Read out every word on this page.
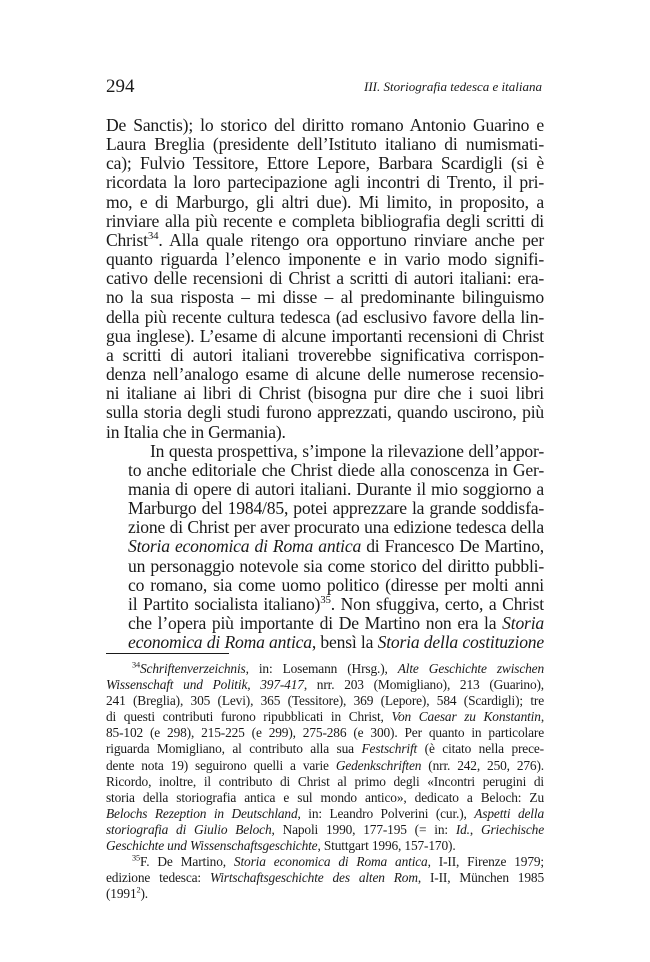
294	III. Storiografia tedesca e italiana

De Sanctis); lo storico del diritto romano Antonio Guarino e
Laura Breglia (presidente dell’Istituto italiano di numismati-
ca); Fulvio Tessitore, Ettore Lepore, Barbara Scardigli (si è
ricordata la loro partecipazione agli incontri di Trento, il pri-
mo, e di Marburgo, gli altri due). Mi limito, in proposito, a
rinviare alla più recente e completa bibliografia degli scritti di
Christ$^{34}$. Alla quale ritengo ora opportuno rinviare anche per
quanto riguarda l’elenco imponente e in vario modo signifi-
cativo delle recensioni di Christ a scritti di autori italiani: era-
no la sua risposta – mi disse – al predominante bilinguismo
della più recente cultura tedesca (ad esclusivo favore della lin-
gua inglese). L’esame di alcune importanti recensioni di Christ
a scritti di autori italiani troverebbe significativa corrispon-
denza nell’analogo esame di alcune delle numerose recensio-
ni italiane ai libri di Christ (bisogna pur dire che i suoi libri
sulla storia degli studi furono apprezzati, quando uscirono, più
in Italia che in Germania).

In questa prospettiva, s’impone la rilevazione dell’appor-
to anche editoriale che Christ diede alla conoscenza in Ger-
mania di opere di autori italiani. Durante il mio soggiorno a
Marburgo del 1984/85, potei apprezzare la grande soddisfa-
zione di Christ per aver procurato una edizione tedesca della
Storia economica di Roma antica di Francesco De Martino,
un personaggio notevole sia come storico del diritto pubbli-
co romano, sia come uomo politico (diresse per molti anni
il Partito socialista italiano)$^{35}$. Non sfuggiva, certo, a Christ
che l’opera più importante di De Martino non era la Storia
economica di Roma antica, bensì la Storia della costituzione

$^{34}$Schriftenverzeichnis, in: Losemann (Hrsg.), Alte Geschichte zwischen
Wissenschaft und Politik, 397-417, nrr. 203 (Momigliano), 213 (Guarino),
241 (Breglia), 305 (Levi), 365 (Tessitore), 369 (Lepore), 584 (Scardigli); tre
di questi contributi furono ripubblicati in Christ, Von Caesar zu Konstantin,
85-102 (e 298), 215-225 (e 299), 275-286 (e 300). Per quanto in particolare
riguarda Momigliano, al contributo alla sua Festschrift (è citato nella prece-
dente nota 19) seguirono quelli a varie Gedenkschriften (nrr. 242, 250, 276).
Ricordo, inoltre, il contributo di Christ al primo degli «Incontri perugini di
storia della storiografia antica e sul mondo antico», dedicato a Beloch: Zu
Belochs Rezeption in Deutschland, in: Leandro Polverini (cur.), Aspetti della
storiografia di Giulio Beloch, Napoli 1990, 177-195 (= in: Id., Griechische
Geschichte und Wissenschaftsgeschichte, Stuttgart 1996, 157-170).

$^{35}$F. De Martino, Storia economica di Roma antica, I-II, Firenze 1979;
edizione tedesca: Wirtschaftsgeschichte des alten Rom, I-II, München 1985
(1991$^2$).
